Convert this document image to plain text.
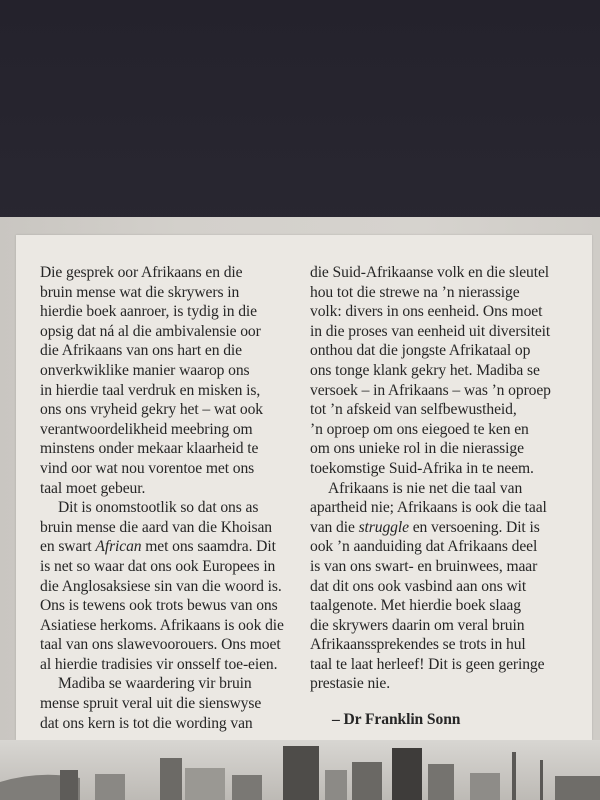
Die gesprek oor Afrikaans en die
bruin mense wat die skrywers in
hierdie boek aanroer, is tydig in die
opsig dat ná al die ambivalensie oor
die Afrikaans van ons hart en die
onverkwiklike manier waarop ons
in hierdie taal verdruk en misken is,
ons ons vryheid gekry het – wat ook
verantwoordelikheid meebring om
minstens onder mekaar klaarheid te
vind oor wat nou vorentoe met ons
taal moet gebeur.
Dit is onomstootlik so dat ons as
bruin mense die aard van die Khoisan
en swart African met ons saamdra. Dit
is net so waar dat ons ook Europees in
die Anglosaksiese sin van die woord is.
Ons is tewens ook trots bewus van ons
Asiatiese herkoms. Afrikaans is ook die
taal van ons slawevoorouers. Ons moet
al hierdie tradisies vir onsself toe-eien.
Madiba se waardering vir bruin
mense spruit veral uit die sienswyse
dat ons kern is tot die wording van
die Suid-Afrikaanse volk en die sleutel
hou tot die strewe na ’n nierassige
volk: divers in ons eenheid. Ons moet
in die proses van eenheid uit diversiteit
onthou dat die jongste Afrikataal op
ons tonge klank gekry het. Madiba se
versoek – in Afrikaans – was ’n oproep
tot ’n afskeid van selfbewustheid,
’n oproep om ons eiegoed te ken en
om ons unieke rol in die nierassige
toekomstige Suid-Afrika in te neem.
Afrikaans is nie net die taal van
apartheid nie; Afrikaans is ook die taal
van die struggle en versoening. Dit is
ook ’n aanduiding dat Afrikaans deel
is van ons swart- en bruinwees, maar
dat dit ons ook vasbind aan ons wit
taalgenote. Met hierdie boek slaag
die skrywers daarin om veral bruin
Afrikaanssprekendes se trots in hul
taal te laat herleef! Dit is geen geringe
prestasie nie.
– Dr Franklin Sonn
